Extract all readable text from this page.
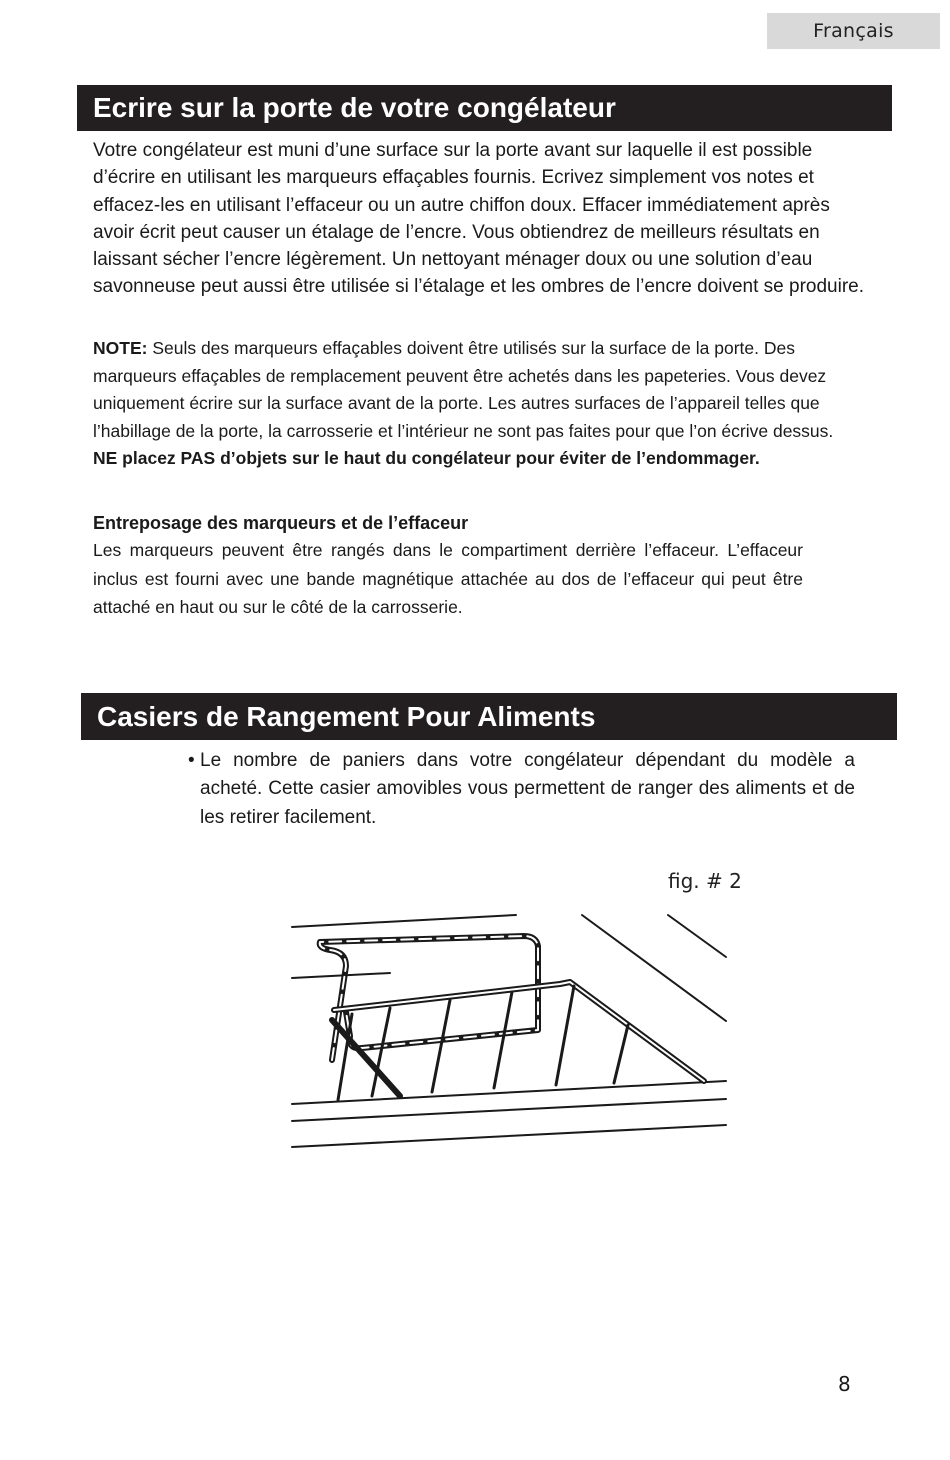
Français
Ecrire sur la porte de votre congélateur

Votre congélateur est muni d’une surface sur la porte avant sur laquelle il est possible d’écrire en utilisant les marqueurs effaçables fournis. Ecrivez simplement vos notes et effacez-les en utilisant l’effaceur ou un autre chiffon doux. Effacer immédiatement après avoir écrit peut causer un étalage de l’encre. Vous obtiendrez de meilleurs résultats en laissant sécher l’encre légèrement. Un nettoyant ménager doux ou une solution d’eau savonneuse peut aussi être utilisée si l’étalage et les ombres de l’encre doivent se produire.

NOTE: Seuls des marqueurs effaçables doivent être utilisés sur la surface de la porte. Des marqueurs effaçables de remplacement peuvent être achetés dans les papeteries. Vous devez uniquement écrire sur la surface avant de la porte. Les autres surfaces de l’appareil telles que l’habillage de la porte, la carrosserie et l’intérieur ne sont pas faites pour que l’on écrive dessus. NE placez PAS d’objets sur le haut du congélateur pour éviter de l’endommager.

Entreposage des marqueurs et de l’effaceur

Les marqueurs peuvent être rangés dans le compartiment derrière l’effaceur. L’effaceur inclus est fourni avec une bande magnétique attachée au dos de l’effaceur qui peut être attaché en haut ou sur le côté de la carrosserie.

Casiers de Rangement Pour Aliments
• Le nombre de paniers dans votre congélateur dépendant du modèle a acheté. Cette casier amovibles vous permettent de ranger des aliments et de les retirer facilement.

fig. # 2
8
